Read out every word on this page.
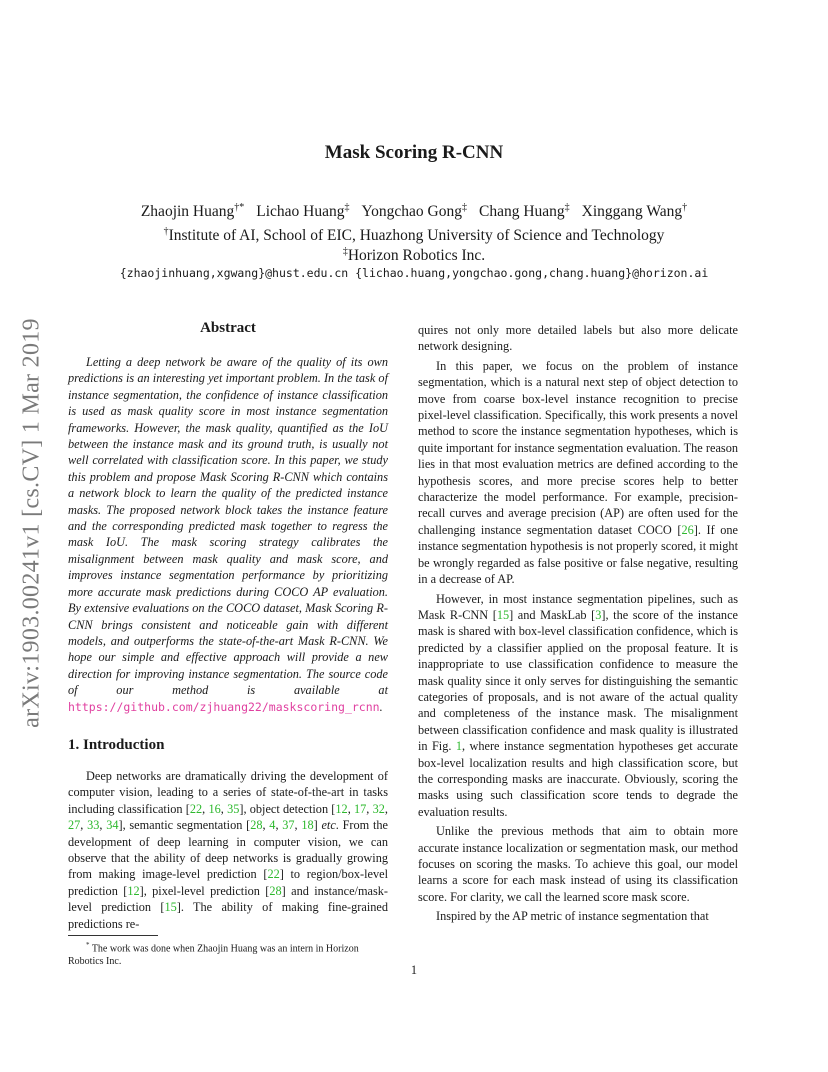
arXiv:1903.00241v1 [cs.CV] 1 Mar 2019
Mask Scoring R-CNN
Zhaojin Huang†* Lichao Huang‡ Yongchao Gong‡ Chang Huang‡ Xinggang Wang†
†Institute of AI, School of EIC, Huazhong University of Science and Technology
‡Horizon Robotics Inc.
{zhaojinhuang,xgwang}@hust.edu.cn {lichao.huang,yongchao.gong,chang.huang}@horizon.ai
Abstract

Letting a deep network be aware of the quality of its own predictions is an interesting yet important problem. In the task of instance segmentation, the confidence of instance classification is used as mask quality score in most instance segmentation frameworks. However, the mask quality, quantified as the IoU between the instance mask and its ground truth, is usually not well correlated with classification score. In this paper, we study this problem and propose Mask Scoring R-CNN which contains a network block to learn the quality of the predicted instance masks. The proposed network block takes the instance feature and the corresponding predicted mask together to regress the mask IoU. The mask scoring strategy calibrates the misalignment between mask quality and mask score, and improves instance segmentation performance by prioritizing more accurate mask predictions during COCO AP evaluation. By extensive evaluations on the COCO dataset, Mask Scoring R-CNN brings consistent and noticeable gain with different models, and outperforms the state-of-the-art Mask R-CNN. We hope our simple and effective approach will provide a new direction for improving instance segmentation. The source code of our method is available at https://github.com/zjhuang22/maskscoring_rcnn.

1. Introduction

Deep networks are dramatically driving the development of computer vision, leading to a series of state-of-the-art in tasks including classification [22, 16, 35], object detection [12, 17, 32, 27, 33, 34], semantic segmentation [28, 4, 37, 18] etc. From the development of deep learning in computer vision, we can observe that the ability of deep networks is gradually growing from making image-level prediction [22] to region/box-level prediction [12], pixel-level prediction [28] and instance/mask-level prediction [15]. The ability of making fine-grained predictions re-

* The work was done when Zhaojin Huang was an intern in Horizon Robotics Inc.

quires not only more detailed labels but also more delicate network designing.

In this paper, we focus on the problem of instance segmentation, which is a natural next step of object detection to move from coarse box-level instance recognition to precise pixel-level classification. Specifically, this work presents a novel method to score the instance segmentation hypotheses, which is quite important for instance segmentation evaluation. The reason lies in that most evaluation metrics are defined according to the hypothesis scores, and more precise scores help to better characterize the model performance. For example, precision-recall curves and average precision (AP) are often used for the challenging instance segmentation dataset COCO [26]. If one instance segmentation hypothesis is not properly scored, it might be wrongly regarded as false positive or false negative, resulting in a decrease of AP.

However, in most instance segmentation pipelines, such as Mask R-CNN [15] and MaskLab [3], the score of the instance mask is shared with box-level classification confidence, which is predicted by a classifier applied on the proposal feature. It is inappropriate to use classification confidence to measure the mask quality since it only serves for distinguishing the semantic categories of proposals, and is not aware of the actual quality and completeness of the instance mask. The misalignment between classification confidence and mask quality is illustrated in Fig. 1, where instance segmentation hypotheses get accurate box-level localization results and high classification score, but the corresponding masks are inaccurate. Obviously, scoring the masks using such classification score tends to degrade the evaluation results.

Unlike the previous methods that aim to obtain more accurate instance localization or segmentation mask, our method focuses on scoring the masks. To achieve this goal, our model learns a score for each mask instead of using its classification score. For clarity, we call the learned score mask score.

Inspired by the AP metric of instance segmentation that

1
